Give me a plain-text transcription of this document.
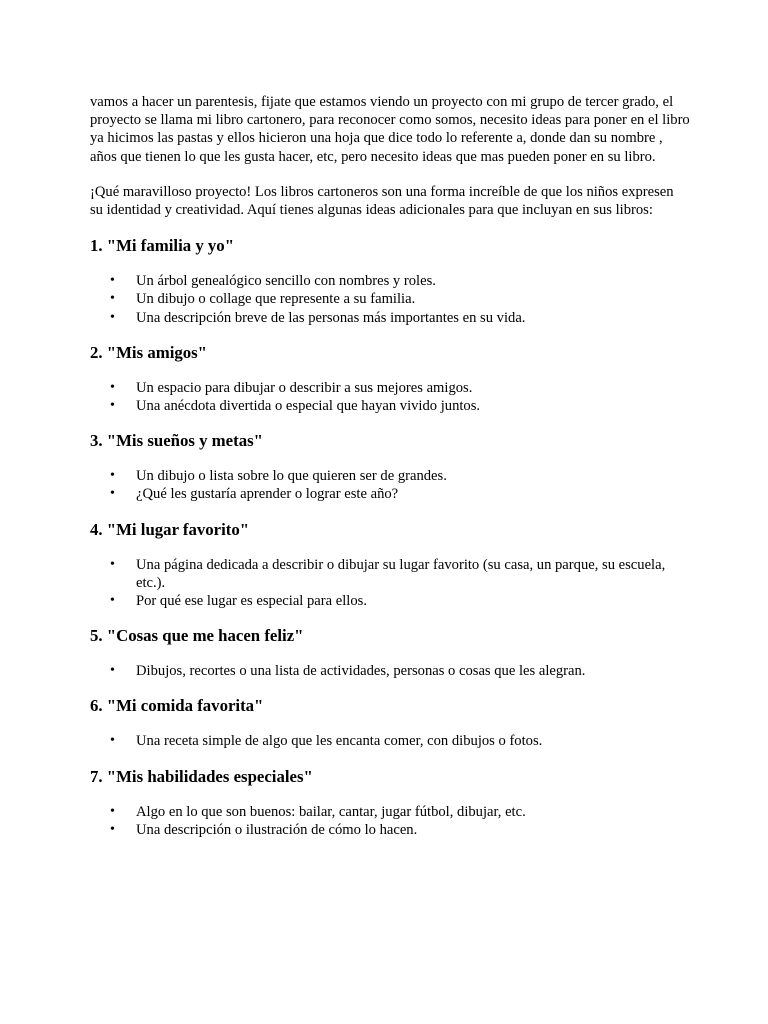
vamos a hacer un parentesis, fijate que estamos viendo un proyecto con mi grupo de tercer grado, el proyecto se llama mi libro cartonero, para reconocer como somos, necesito ideas para poner en el libro ya hicimos las pastas y ellos hicieron una hoja que dice todo lo referente a, donde dan su nombre , años que tienen lo que les gusta hacer, etc, pero necesito ideas que mas pueden poner en su libro.

¡Qué maravilloso proyecto! Los libros cartoneros son una forma increíble de que los niños expresen su identidad y creatividad. Aquí tienes algunas ideas adicionales para que incluyan en sus libros:

1. "Mi familia y yo"
• Un árbol genealógico sencillo con nombres y roles.
• Un dibujo o collage que represente a su familia.
• Una descripción breve de las personas más importantes en su vida.
2. "Mis amigos"
• Un espacio para dibujar o describir a sus mejores amigos.
• Una anécdota divertida o especial que hayan vivido juntos.
3. "Mis sueños y metas"
• Un dibujo o lista sobre lo que quieren ser de grandes.
• ¿Qué les gustaría aprender o lograr este año?
4. "Mi lugar favorito"
• Una página dedicada a describir o dibujar su lugar favorito (su casa, un parque, su escuela, etc.).
• Por qué ese lugar es especial para ellos.
5. "Cosas que me hacen feliz"
• Dibujos, recortes o una lista de actividades, personas o cosas que les alegran.
6. "Mi comida favorita"
• Una receta simple de algo que les encanta comer, con dibujos o fotos.
7. "Mis habilidades especiales"
• Algo en lo que son buenos: bailar, cantar, jugar fútbol, dibujar, etc.
• Una descripción o ilustración de cómo lo hacen.
